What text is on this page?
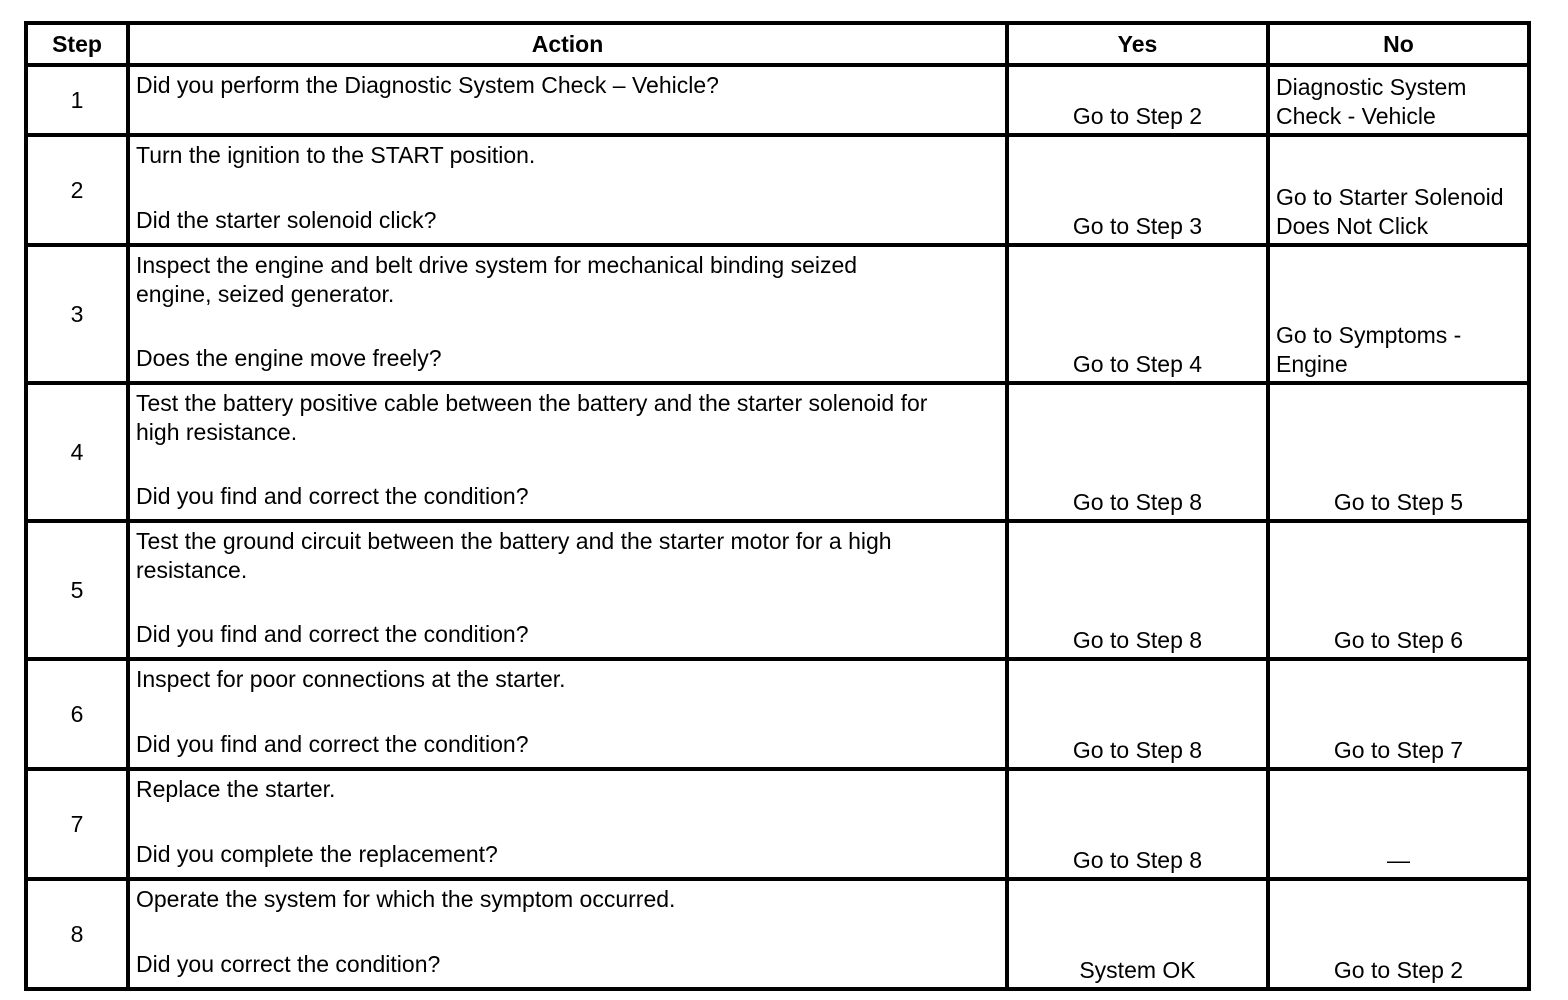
Step	Action	Yes	No
1	Did you perform the Diagnostic System Check – Vehicle?	Go to Step 2	Diagnostic System
Check - Vehicle

2	Turn the ignition to the START position.
Did the starter solenoid click?	Go to Step 3	Go to Starter Solenoid
Does Not Click

3	Inspect the engine and belt drive system for mechanical binding seized
engine, seized generator.
Does the engine move freely?	Go to Step 4	Go to Symptoms -
Engine

4	Test the battery positive cable between the battery and the starter solenoid for
high resistance.
Did you find and correct the condition?	Go to Step 8	Go to Step 5

5	Test the ground circuit between the battery and the starter motor for a high
resistance.
Did you find and correct the condition?	Go to Step 8	Go to Step 6

6	Inspect for poor connections at the starter.
Did you find and correct the condition?	Go to Step 8	Go to Step 7

7	Replace the starter.
Did you complete the replacement?	Go to Step 8	—

8	Operate the system for which the symptom occurred.
Did you correct the condition?	System OK	Go to Step 2
